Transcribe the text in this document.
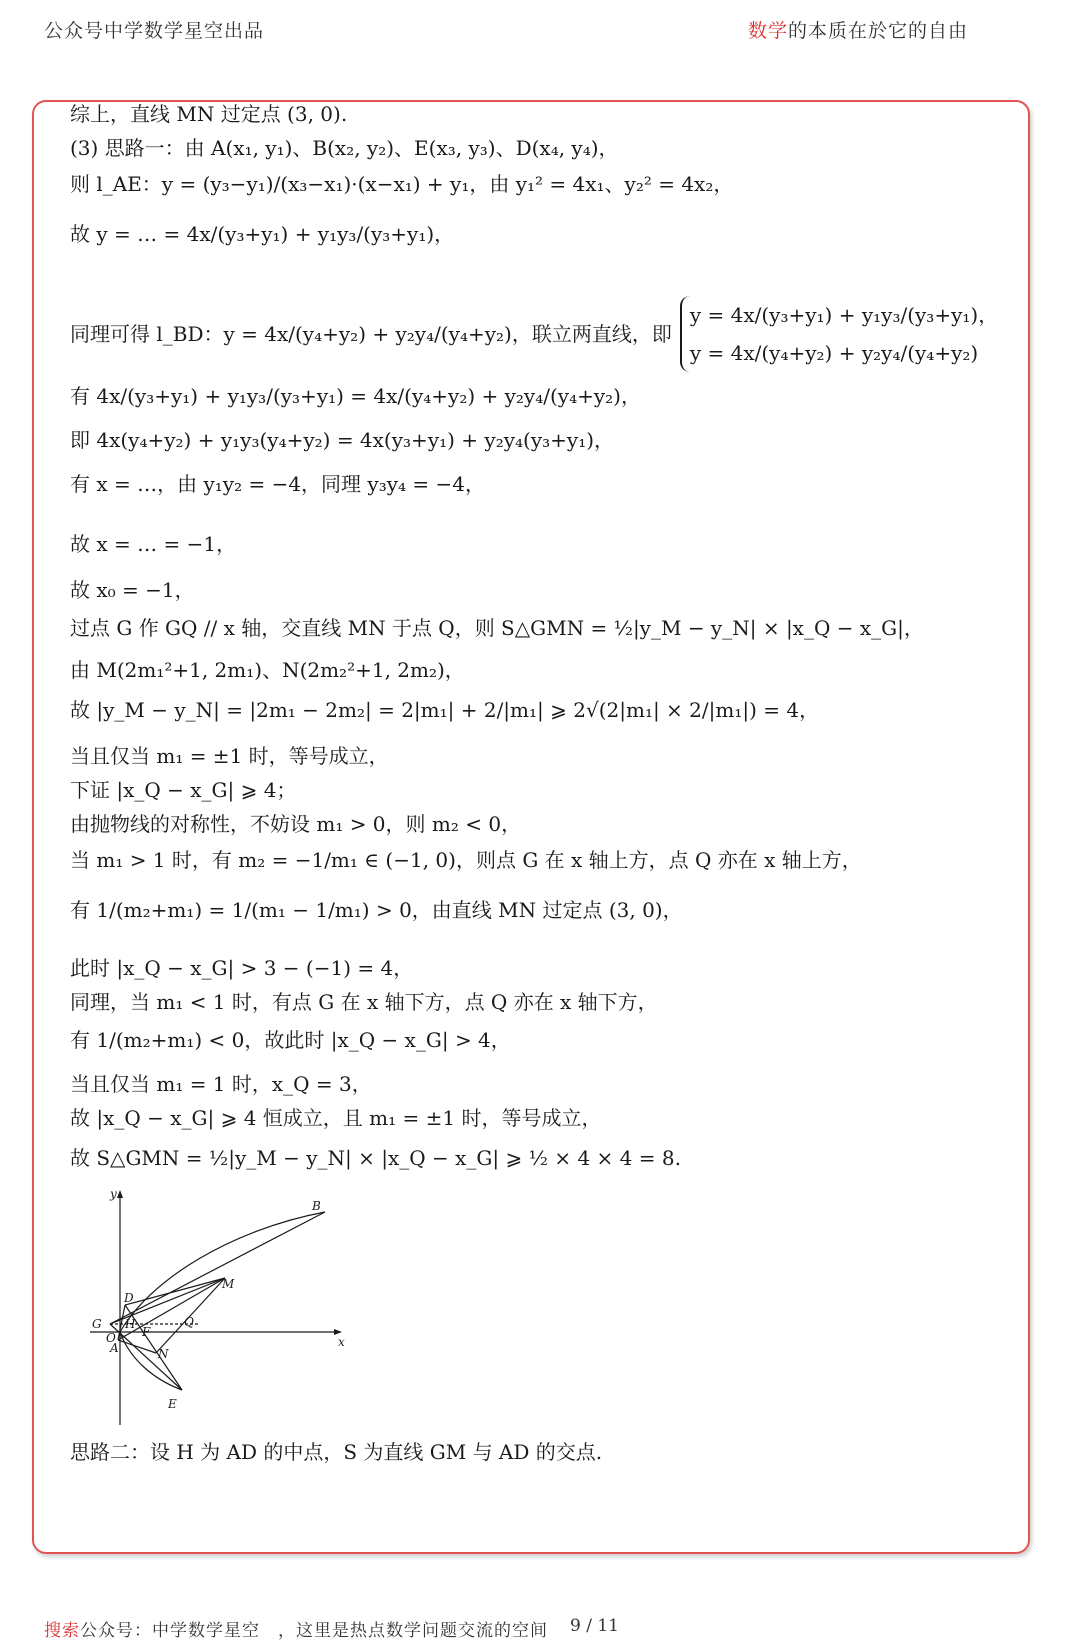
公众号中学数学星空出品	数学的本质在於它的自由
综上，直线 MN 过定点 (3, 0).
(3) 思路一：由 A(x₁, y₁)、B(x₂, y₂)、E(x₃, y₃)、D(x₄, y₄)，
则 l_AE：y = (y₃−y₁)/(x₃−x₁)·(x−x₁) + y₁，由 y₁² = 4x₁、y₂² = 4x₂，
故 y = … = 4x/(y₃+y₁) + y₁y₃/(y₃+y₁)，
同理可得 l_BD：y = 4x/(y₄+y₂) + y₂y₄/(y₄+y₂)，联立两直线，即
y = 4x/(y₃+y₁) + y₁y₃/(y₃+y₁)，
y = 4x/(y₄+y₂) + y₂y₄/(y₄+y₂)
有 4x/(y₃+y₁) + y₁y₃/(y₃+y₁) = 4x/(y₄+y₂) + y₂y₄/(y₄+y₂)，
即 4x(y₄+y₂) + y₁y₃(y₄+y₂) = 4x(y₃+y₁) + y₂y₄(y₃+y₁)，
有 x = …，由 y₁y₂ = −4，同理 y₃y₄ = −4，
故 x = … = −1，
故 x₀ = −1，
过点 G 作 GQ // x 轴，交直线 MN 于点 Q，则 S△GMN = ½|y_M − y_N| × |x_Q − x_G|，
由 M(2m₁²+1, 2m₁)、N(2m₂²+1, 2m₂)，
故 |y_M − y_N| = |2m₁ − 2m₂| = 2|m₁| + 2/|m₁| ⩾ 2√(2|m₁| × 2/|m₁|) = 4，
当且仅当 m₁ = ±1 时，等号成立，
下证 |x_Q − x_G| ⩾ 4；
由抛物线的对称性，不妨设 m₁ > 0，则 m₂ < 0，
当 m₁ > 1 时，有 m₂ = −1/m₁ ∈ (−1, 0)，则点 G 在 x 轴上方，点 Q 亦在 x 轴上方，
有 1/(m₂+m₁) = 1/(m₁ − 1/m₁) > 0，由直线 MN 过定点 (3, 0)，
此时 |x_Q − x_G| > 3 − (−1) = 4，
同理，当 m₁ < 1 时，有点 G 在 x 轴下方，点 Q 亦在 x 轴下方，
有 1/(m₂+m₁) < 0，故此时 |x_Q − x_G| > 4，
当且仅当 m₁ = 1 时，x_Q = 3，
故 |x_Q − x_G| ⩾ 4 恒成立，且 m₁ = ±1 时，等号成立，
故 S△GMN = ½|y_M − y_N| × |x_Q − x_G| ⩾ ½ × 4 × 4 = 8.
思路二：设 H 为 AD 的中点，S 为直线 GM 与 AD 的交点.
y
x
B
M
D
G H	Q
O
A
F
N
E
搜索公众号：中学数学星空　，这里是热点数学问题交流的空间 9 / 11
